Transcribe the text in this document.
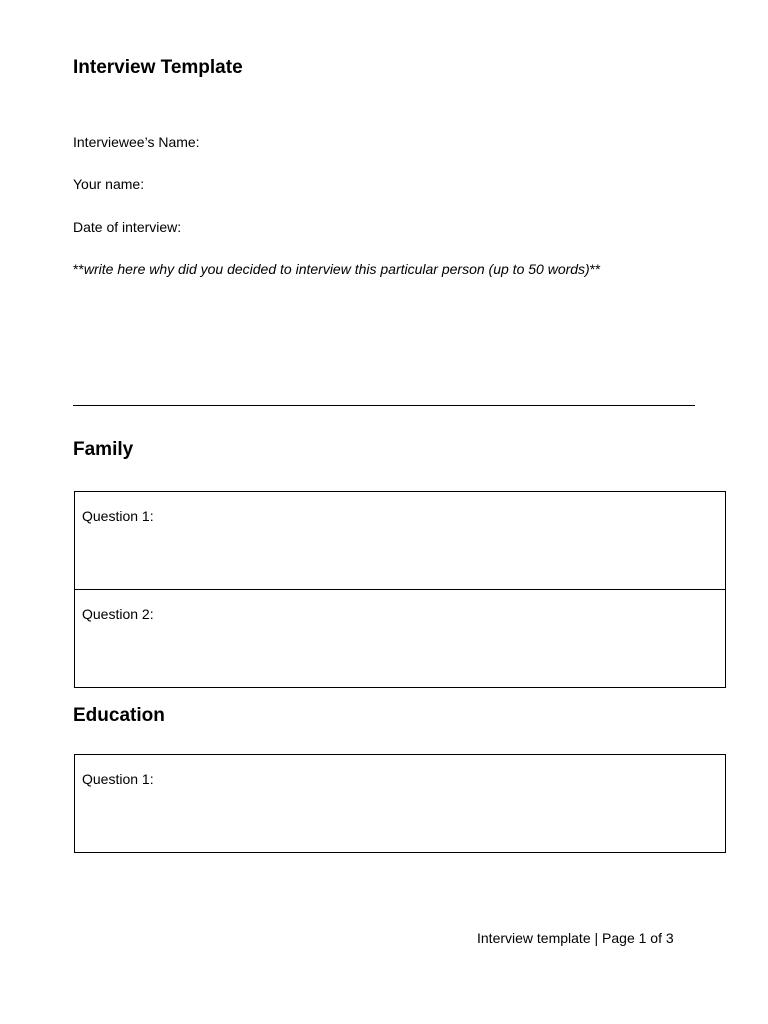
Interview Template

Interviewee’s Name:

Your name:

Date of interview:

**write here why did you decided to interview this particular person (up to 50 words)**

Family
Question 1:
Question 2:
Education
Question 1:

Interview template | Page 1 of 3
